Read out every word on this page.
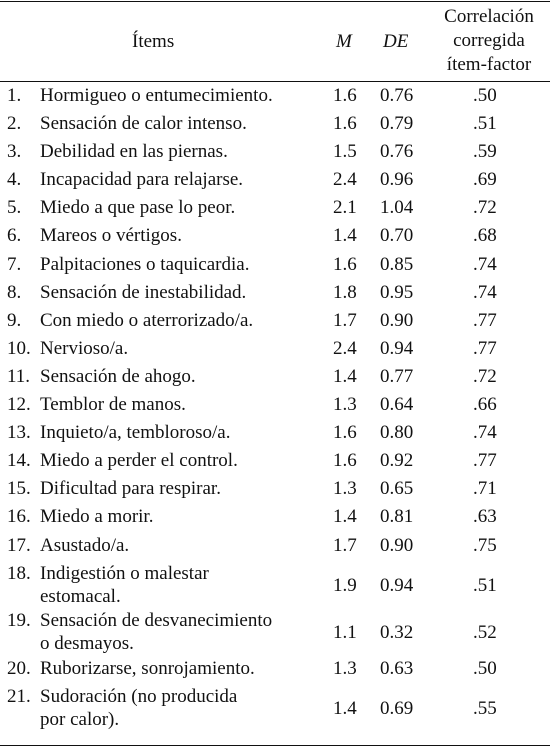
Ítems	M DE
Correlación
corregida
ítem-factor
1. Hormigueo o entumecimiento.	1.6 0.76	.50
2. Sensación de calor intenso.	1.6 0.79	.51
3. Debilidad en las piernas.	1.5 0.76	.59
4. Incapacidad para relajarse.	2.4 0.96	.69
5. Miedo a que pase lo peor.	2.1 1.04	.72
6. Mareos o vértigos.	1.4 0.70	.68
7. Palpitaciones o taquicardia.	1.6 0.85	.74
8. Sensación de inestabilidad.	1.8 0.95	.74
9. Con miedo o aterrorizado/a.	1.7 0.90	.77
10. Nervioso/a.	2.4 0.94	.77
11. Sensación de ahogo.	1.4 0.77	.72
12. Temblor de manos.	1.3 0.64	.66
13. Inquieto/a, tembloroso/a.	1.6 0.80	.74
14. Miedo a perder el control.	1.6 0.92	.77
15. Dificultad para respirar.	1.3 0.65	.71
16. Miedo a morir.	1.4 0.81	.63
17. Asustado/a.	1.7 0.90	.75
18. Indigestión o malestar
estomacal.
1.9 0.94	.51
19. Sensación de desvanecimiento
o desmayos.
1.1 0.32	.52
20. Ruborizarse, sonrojamiento.	1.3 0.63	.50
21. Sudoración (no producida
por calor).
1.4 0.69	.55
